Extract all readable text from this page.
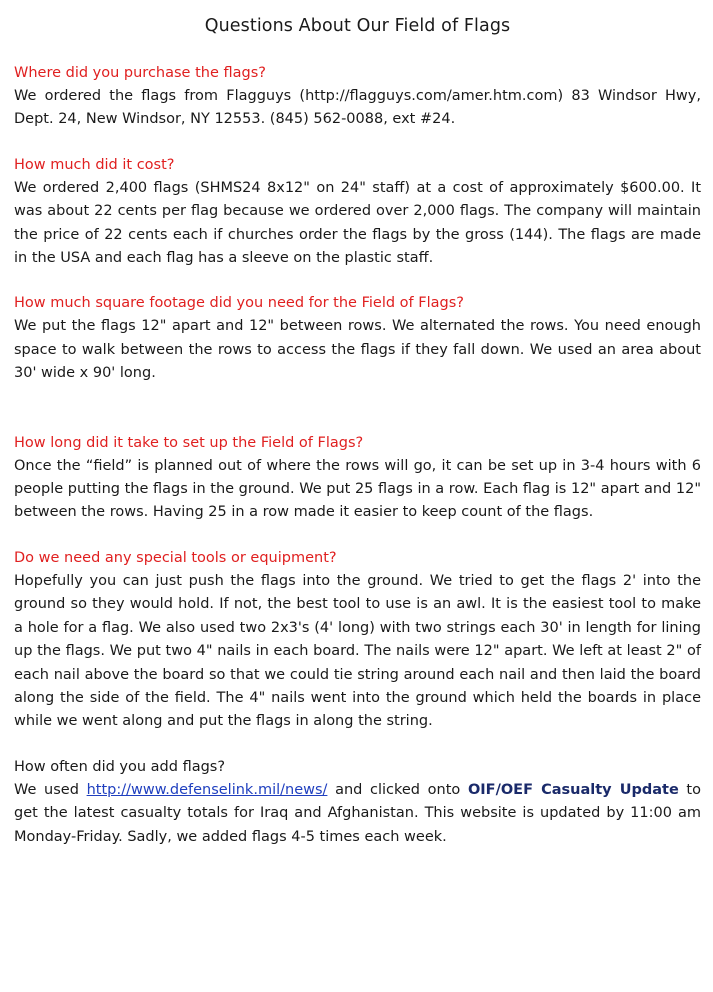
Questions About Our Field of Flags

Where did you purchase the flags?

We ordered the flags from Flagguys (http://flagguys.com/amer.htm.com) 83 Windsor Hwy, Dept. 24, New Windsor, NY 12553. (845) 562-0088, ext #24.

How much did it cost?

We ordered 2,400 flags (SHMS24 8x12" on 24" staff) at a cost of approximately $600.00. It was about 22 cents per flag because we ordered over 2,000 flags. The company will maintain the price of 22 cents each if churches order the flags by the gross (144). The flags are made in the USA and each flag has a sleeve on the plastic staff.

How much square footage did you need for the Field of Flags?

We put the flags 12" apart and 12" between rows. We alternated the rows. You need enough space to walk between the rows to access the flags if they fall down. We used an area about 30' wide x 90' long.

How long did it take to set up the Field of Flags?

Once the “field” is planned out of where the rows will go, it can be set up in 3-4 hours with 6 people putting the flags in the ground. We put 25 flags in a row. Each flag is 12" apart and 12" between the rows. Having 25 in a row made it easier to keep count of the flags.

Do we need any special tools or equipment?

Hopefully you can just push the flags into the ground. We tried to get the flags 2' into the ground so they would hold. If not, the best tool to use is an awl. It is the easiest tool to make a hole for a flag. We also used two 2x3's (4' long) with two strings each 30' in length for lining up the flags. We put two 4" nails in each board. The nails were 12" apart. We left at least 2" of each nail above the board so that we could tie string around each nail and then laid the board along the side of the field. The 4" nails went into the ground which held the boards in place while we went along and put the flags in along the string.

How often did you add flags?

We used http://www.defenselink.mil/news/ and clicked onto OIF/OEF Casualty Update to get the latest casualty totals for Iraq and Afghanistan. This website is updated by 11:00 am Monday-Friday. Sadly, we added flags 4-5 times each week.
